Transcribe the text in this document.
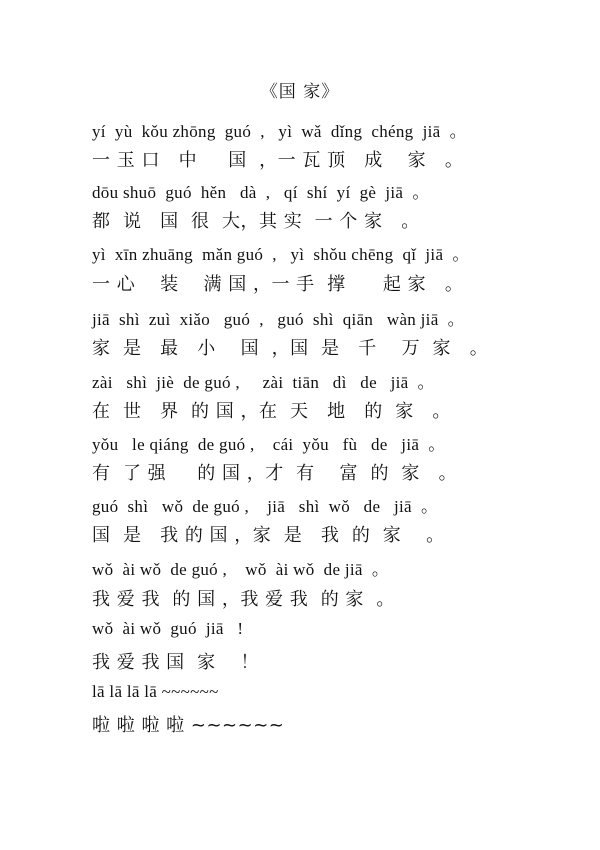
《国 家》
yí  yù  kǒu zhōng  guó  ,   yì  wǎ  dǐng  chéng  jiā  。
一 玉 口   中     国  ，一 瓦 顶   成    家   。
dōu shuō  guó  hěn   dà  ,   qí  shí  yí  gè  jiā  。
都  说   国  很  大，其 实  一 个 家   。
yì  xīn zhuāng  mǎn guó  ,   yì  shǒu chēng  qǐ  jiā  。
一 心    装    满 国 ，一 手  撑      起 家   。
jiā  shì  zuì  xiǎo   guó  ,   guó  shì  qiān   wàn jiā  。
家  是   最   小    国  ，国  是   千    万  家   。
zài   shì  jiè  de guó ,     zài  tiān   dì   de   jiā  。
在  世   界  的 国 ，在  天   地   的  家   。
yǒu   le qiáng  de guó ,    cái  yǒu   fù   de   jiā  。
有  了 强     的 国 ，才  有    富  的  家   。
guó  shì   wǒ  de guó ,    jiā   shì  wǒ   de   jiā  。
国  是   我 的 国 ，家  是   我  的  家    。
wǒ  ài wǒ  de guó ,    wǒ  ài wǒ  de jiā  。
我 爱 我  的 国 ，我 爱 我  的 家  。
wǒ  ài wǒ  guó  jiā   !
我 爱 我 国  家    ！
lā lā lā lā ~~~~~~
啦 啦 啦 啦 ~~~~~~
